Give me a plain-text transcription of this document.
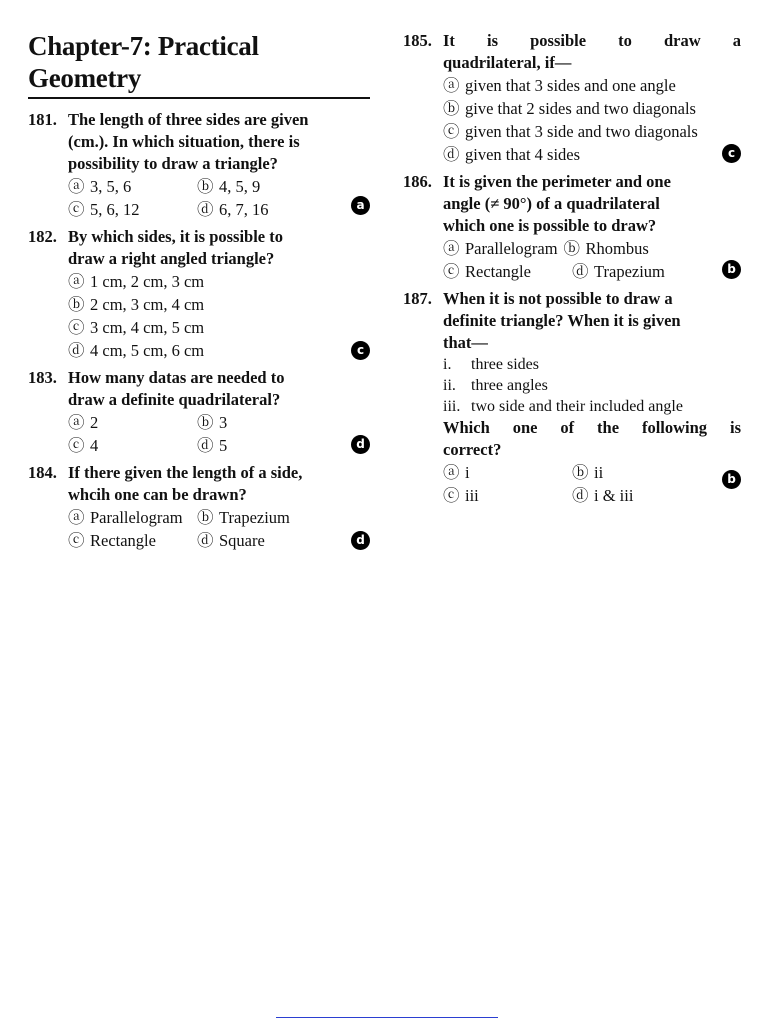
Chapter-7: Practical Geometry
181. The length of three sides are given

(cm.). In which situation, there is

possibility to draw a triangle?

ⓐ 3, 5, 6	ⓑ 4, 5, 9
ⓒ 5, 6, 12	ⓓ 6, 7, 16	a
182. By which sides, it is possible to

draw a right angled triangle?

ⓐ 1 cm, 2 cm, 3 cm
ⓑ 2 cm, 3 cm, 4 cm
ⓒ 3 cm, 4 cm, 5 cm
ⓓ 4 cm, 5 cm, 6 cm	c
183. How many datas are needed to

draw a definite quadrilateral?

ⓐ 2	ⓑ 3
ⓒ 4	ⓓ 5	d
184. If there given the length of a side,

whcih one can be drawn?

ⓐ Parallelogram ⓑ Trapezium
ⓒ Rectangle	ⓓ Square	d
185. It is possible to draw a

quadrilateral, if—

ⓐ given that 3 sides and one angle
ⓑ give that 2 sides and two diagonals
ⓒ given that 3 side and two diagonals
ⓓ given that 4 sides	c
186. It is given the perimeter and one

angle (≠ 90°) of a quadrilateral

which one is possible to draw?

ⓐ Parallelogram ⓑ Rhombus
ⓒ Rectangle	ⓓ Trapezium	b
187. When it is not possible to draw a

definite triangle? When it is given

that—

i.	three sides
ii. three angles
iii. two side and their included angle
Which one of the following is
correct?
ⓐ i	ⓑ ii
ⓒ iii	ⓓ i & iii
b
